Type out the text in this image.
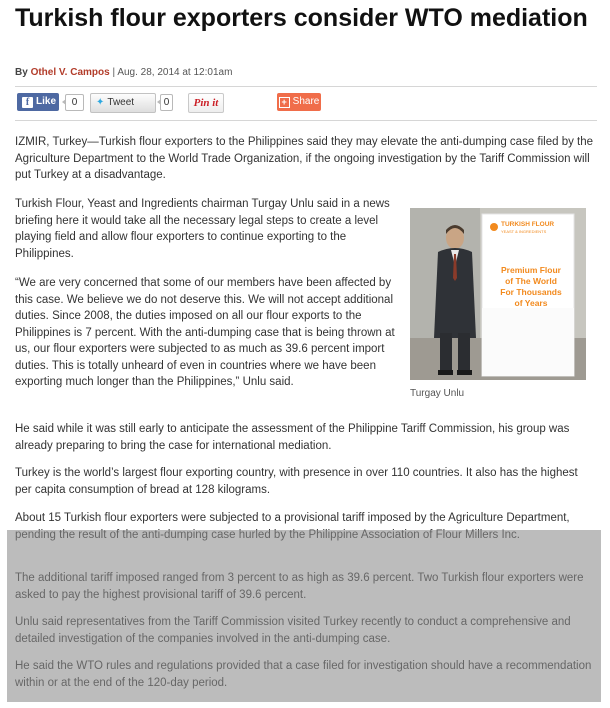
Turkish flour exporters consider WTO mediation
By Othel V. Campos | Aug. 28, 2014 at 12:01am
f Like	0	✦ Tweet	0	Pin it	+ Share

IZMIR, Turkey—Turkish flour exporters to the Philippines said they may elevate the anti-dumping case filed by the Agriculture Department to the World Trade Organization, if the ongoing investigation by the Tariff Commission will put Turkey at a disadvantage.

Turkish Flour, Yeast and Ingredients chairman Turgay Unlu said in a news briefing here it would take all the necessary legal steps to create a level playing field and allow flour exporters to continue exporting to the Philippines.

“We are very concerned that some of our members have been affected by this case. We believe we do not deserve this. We will not accept additional duties. Since 2008, the duties imposed on all our flour exports to the Philippines is 7 percent. With the anti-dumping case that is being thrown at us, our flour exporters were subjected to as much as 39.6 percent import duties. This is totally unheard of even in countries where we have been exporting much longer than the Philippines,” Unlu said.

TURKISH FLOUR
YEAST & INGREDIENTS
Premium Flour
of The World
For Thousands
of Years
Turgay Unlu

He said while it was still early to anticipate the assessment of the Philippine Tariff Commission, his group was already preparing to bring the case for international mediation.

Turkey is the world’s largest flour exporting country, with presence in over 110 countries. It also has the highest per capita consumption of bread at 128 kilograms.

About 15 Turkish flour exporters were subjected to a provisional tariff imposed by the Agriculture Department,
